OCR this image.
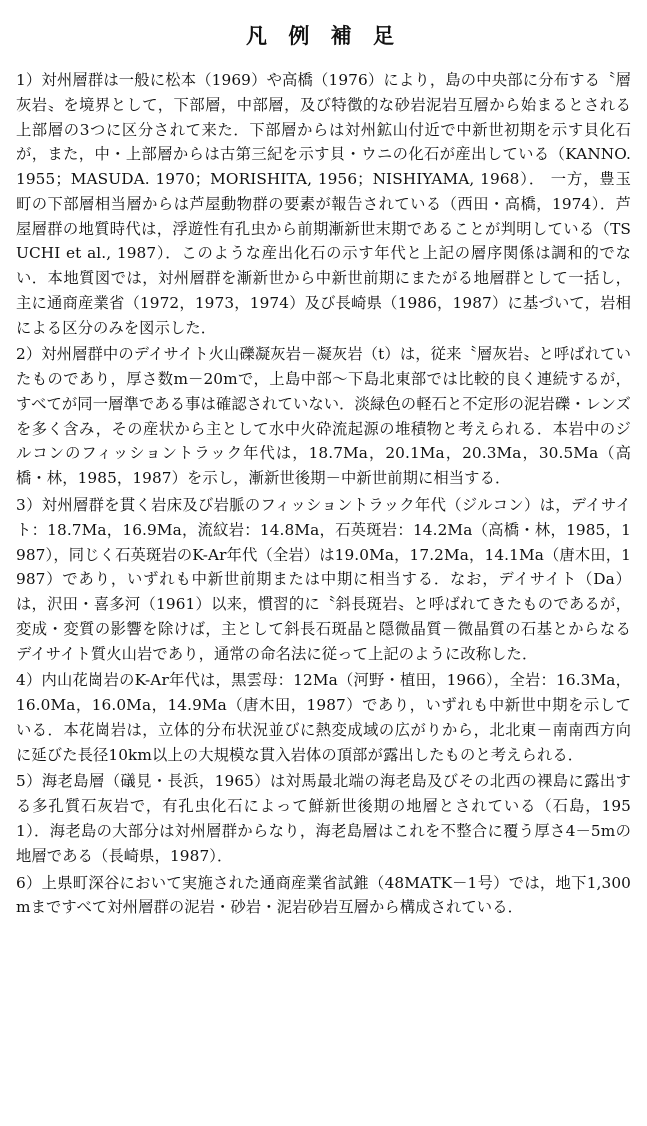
凡 例 補 足

1）対州層群は一般に松本（1969）や高橋（1976）により，島の中央部に分布する〝層灰岩〟を境界として，下部層，中部層，及び特徴的な砂岩泥岩互層から始まるとされる上部層の3つに区分されて来た．下部層からは対州鉱山付近で中新世初期を示す貝化石が，また，中・上部層からは古第三紀を示す貝・ウニの化石が産出している（KANNO. 1955；MASUDA. 1970；MORISHITA, 1956；NISHIYAMA, 1968）． 一方，豊玉町の下部層相当層からは芦屋動物群の要素が報告されている（西田・高橋，1974）．芦屋層群の地質時代は，浮遊性有孔虫から前期漸新世末期であることが判明している（TSUCHI et al., 1987）．このような産出化石の示す年代と上記の層序関係は調和的でない．本地質図では，対州層群を漸新世から中新世前期にまたがる地層群として一括し，主に通商産業省（1972，1973，1974）及び長崎県（1986，1987）に基づいて，岩相による区分のみを図示した．

2）対州層群中のデイサイト火山礫凝灰岩－凝灰岩（t）は，従来〝層灰岩〟と呼ばれていたものであり，厚さ数m－20mで，上島中部～下島北東部では比較的良く連続するが，すべてが同一層準である事は確認されていない．淡緑色の軽石と不定形の泥岩礫・レンズを多く含み，その産状から主として水中火砕流起源の堆積物と考えられる．本岩中のジルコンのフィッショントラック年代は，18.7Ma，20.1Ma，20.3Ma，30.5Ma（高橋・林，1985，1987）を示し，漸新世後期－中新世前期に相当する．

3）対州層群を貫く岩床及び岩脈のフィッショントラック年代（ジルコン）は，デイサイト：18.7Ma，16.9Ma，流紋岩：14.8Ma，石英斑岩：14.2Ma（高橋・林，1985，1987），同じく石英斑岩のK-Ar年代（全岩）は19.0Ma，17.2Ma，14.1Ma（唐木田，1987）であり，いずれも中新世前期または中期に相当する．なお，デイサイト（Da）は，沢田・喜多河（1961）以来，慣習的に〝斜長斑岩〟と呼ばれてきたものであるが，変成・変質の影響を除けば，主として斜長石斑晶と隠微晶質－微晶質の石基とからなるデイサイト質火山岩であり，通常の命名法に従って上記のように改称した．

4）内山花崗岩のK-Ar年代は，黒雲母：12Ma（河野・植田，1966），全岩：16.3Ma，16.0Ma，16.0Ma，14.9Ma（唐木田，1987）であり，いずれも中新世中期を示している．本花崗岩は，立体的分布状況並びに熱変成域の広がりから，北北東－南南西方向に延びた長径10km以上の大規模な貫入岩体の頂部が露出したものと考えられる．

5）海老島層（礒見・長浜，1965）は対馬最北端の海老島及びその北西の裸島に露出する多孔質石灰岩で，有孔虫化石によって鮮新世後期の地層とされている（石島，1951）．海老島の大部分は対州層群からなり，海老島層はこれを不整合に覆う厚さ4－5mの地層である（長崎県，1987）．

6）上県町深谷において実施された通商産業省試錐（48MATK－1号）では，地下1,300mまですべて対州層群の泥岩・砂岩・泥岩砂岩互層から構成されている．
